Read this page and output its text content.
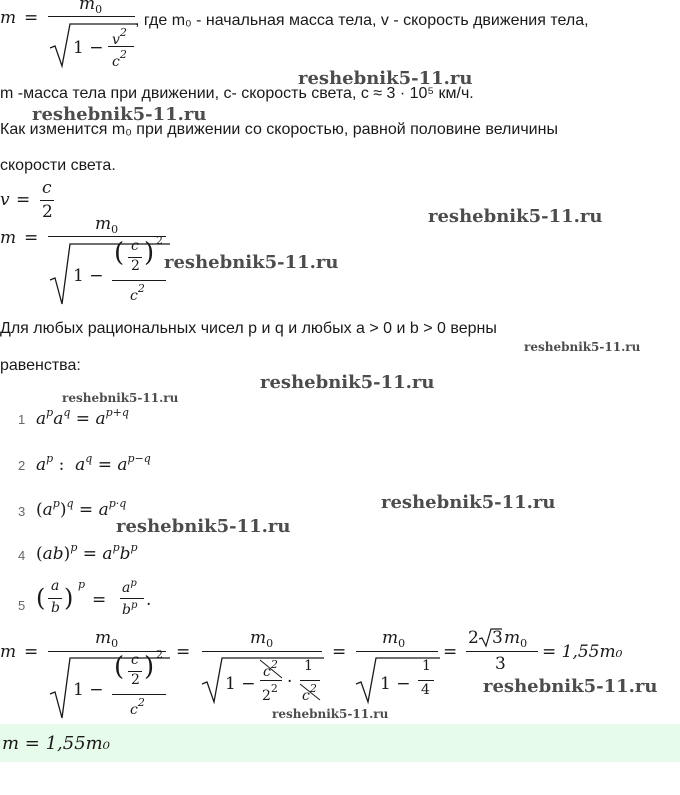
m =
$m_0$
$1 - v^2$
$c^2$
, где m₀ - начальная масса тела, v - скорость движения тела,
reshebnik5-11.ru
m -масса тела при движении, c- скорость света, c ≈ 3 · 10⁵ км/ч.
reshebnik5-11.ru
Как изменится m₀ при движении со скоростью, равной половине величины
скорости света.
v =
c
2	reshebnik5-11.ru
m =
$m_0$
1 −
( c
2 ) 2
$c^2$
reshebnik5-11.ru
Для любых рациональных чисел p и q и любых a > 0 и b > 0 верны
reshebnik5-11.ru
равенства:
reshebnik5-11.ru
reshebnik5-11.ru
1 $a^pa^q = a^{p+q}$
2 $a^p$ :  $a^q = a^{p-q}$
3 $(a^p)^q = a^{p\cdot q}$	reshebnik5-11.ru
reshebnik5-11.ru
4 $(ab)^p = a^pb^p$
5 ( a
b ) p
=
$a^p$
$b^p$ .
m =
$m_0$
1 −
( c
2 ) 2
$c^2$
=
$m_0$
1 −
$c^2$
$2^2$ ·
1
$c^2$
=
$m_0$
1 −
1
4
=
2 3 $m_0$
3
= 1,55m₀
reshebnik5-11.ru
reshebnik5-11.ru
m = 1,55m₀
